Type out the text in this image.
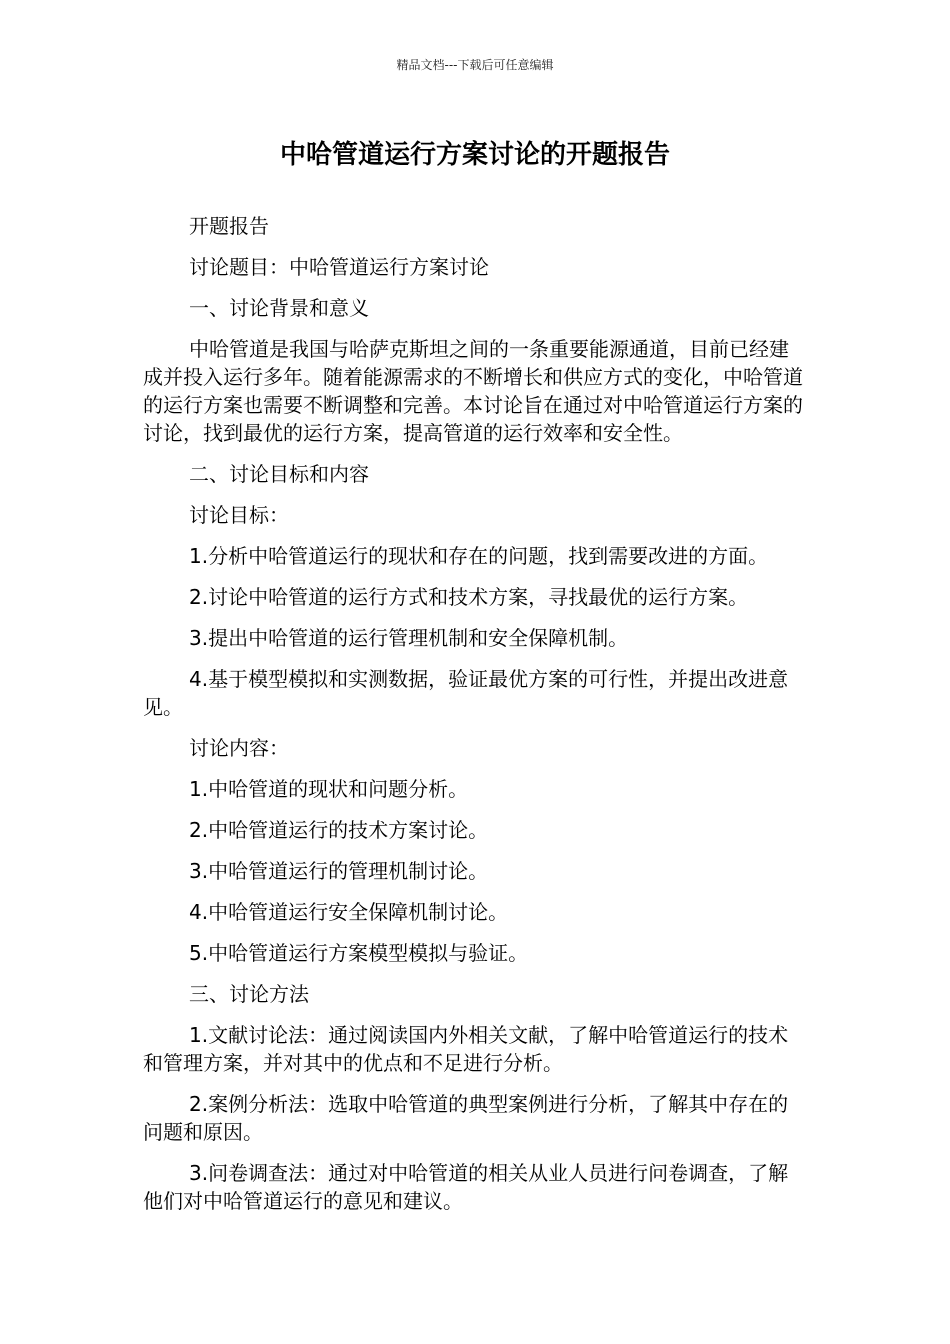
精品文档---下载后可任意编辑
中哈管道运行方案讨论的开题报告

开题报告

讨论题目：中哈管道运行方案讨论

一、讨论背景和意义

中哈管道是我国与哈萨克斯坦之间的一条重要能源通道，目前已经建成并投入运行多年。随着能源需求的不断增长和供应方式的变化，中哈管道的运行方案也需要不断调整和完善。本讨论旨在通过对中哈管道运行方案的讨论，找到最优的运行方案，提高管道的运行效率和安全性。

二、讨论目标和内容

讨论目标：

1.分析中哈管道运行的现状和存在的问题，找到需要改进的方面。

2.讨论中哈管道的运行方式和技术方案，寻找最优的运行方案。

3.提出中哈管道的运行管理机制和安全保障机制。

4.基于模型模拟和实测数据，验证最优方案的可行性，并提出改进意见。

讨论内容：

1.中哈管道的现状和问题分析。

2.中哈管道运行的技术方案讨论。

3.中哈管道运行的管理机制讨论。

4.中哈管道运行安全保障机制讨论。

5.中哈管道运行方案模型模拟与验证。

三、讨论方法

1.文献讨论法：通过阅读国内外相关文献，了解中哈管道运行的技术和管理方案，并对其中的优点和不足进行分析。

2.案例分析法：选取中哈管道的典型案例进行分析，了解其中存在的问题和原因。

3.问卷调查法：通过对中哈管道的相关从业人员进行问卷调查，了解他们对中哈管道运行的意见和建议。
